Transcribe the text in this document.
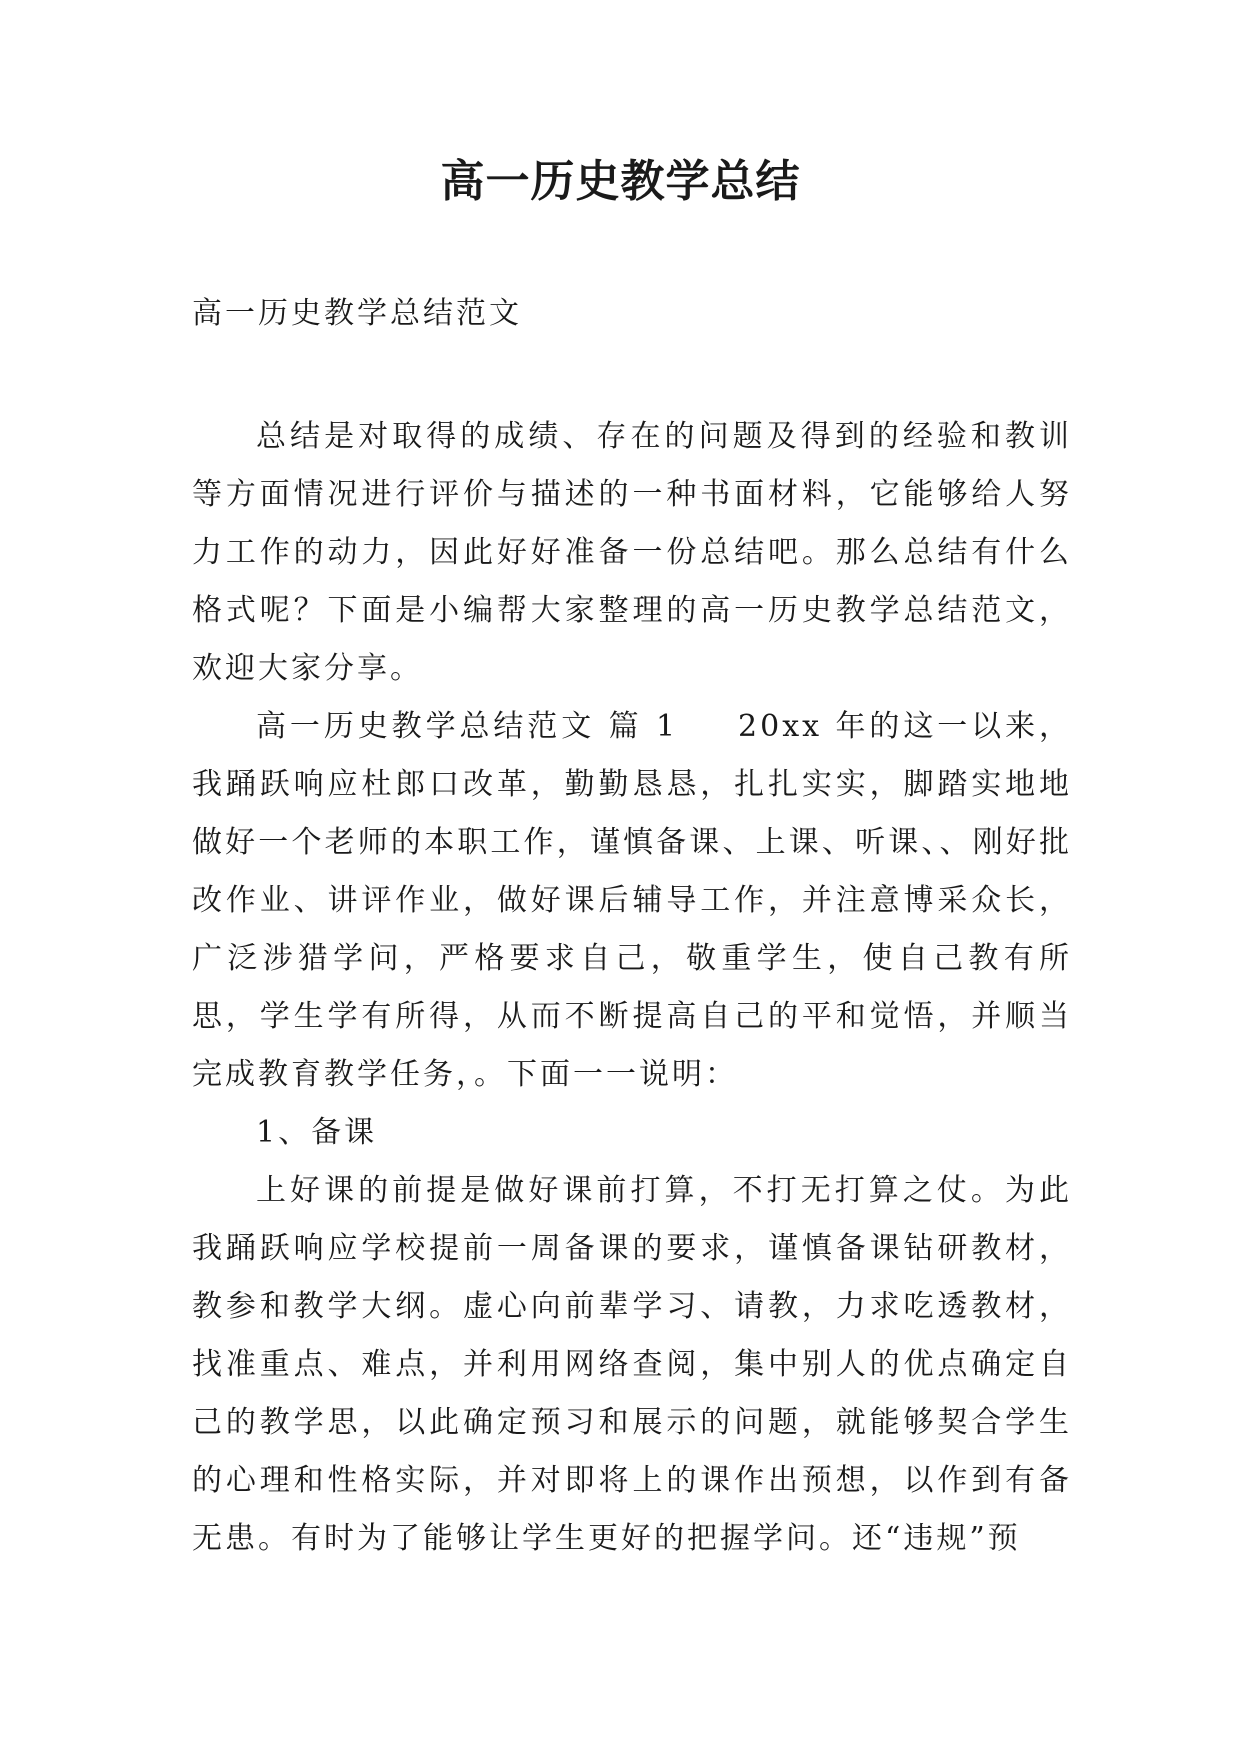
高一历史教学总结

高一历史教学总结范文

总结是对取得的成绩、存在的问题及得到的经验和教训等方面情况进行评价与描述的一种书面材料，它能够给人努力工作的动力，因此好好准备一份总结吧。那么总结有什么格式呢？下面是小编帮大家整理的高一历史教学总结范文，欢迎大家分享。

高一历史教学总结范文 篇 1 20xx 年的这一以来，我踊跃响应杜郎口改革，勤勤恳恳，扎扎实实，脚踏实地地做好一个老师的本职工作，谨慎备课、上课、听课、、刚好批改作业、讲评作业，做好课后辅导工作，并注意博采众长，广泛涉猎学问，严格要求自己，敬重学生，使自己教有所思，学生学有所得，从而不断提高自己的平和觉悟，并顺当完成教育教学任务，。下面一一说明：

1、备课

上好课的前提是做好课前打算，不打无打算之仗。为此我踊跃响应学校提前一周备课的要求，谨慎备课钻研教材，教参和教学大纲。虚心向前辈学习、请教，力求吃透教材，找准重点、难点，并利用网络查阅，集中别人的优点确定自己的教学思，以此确定预习和展示的问题，就能够契合学生的心理和性格实际，并对即将上的课作出预想，以作到有备无患。有时为了能够让学生更好的把握学问。还“违规”预
